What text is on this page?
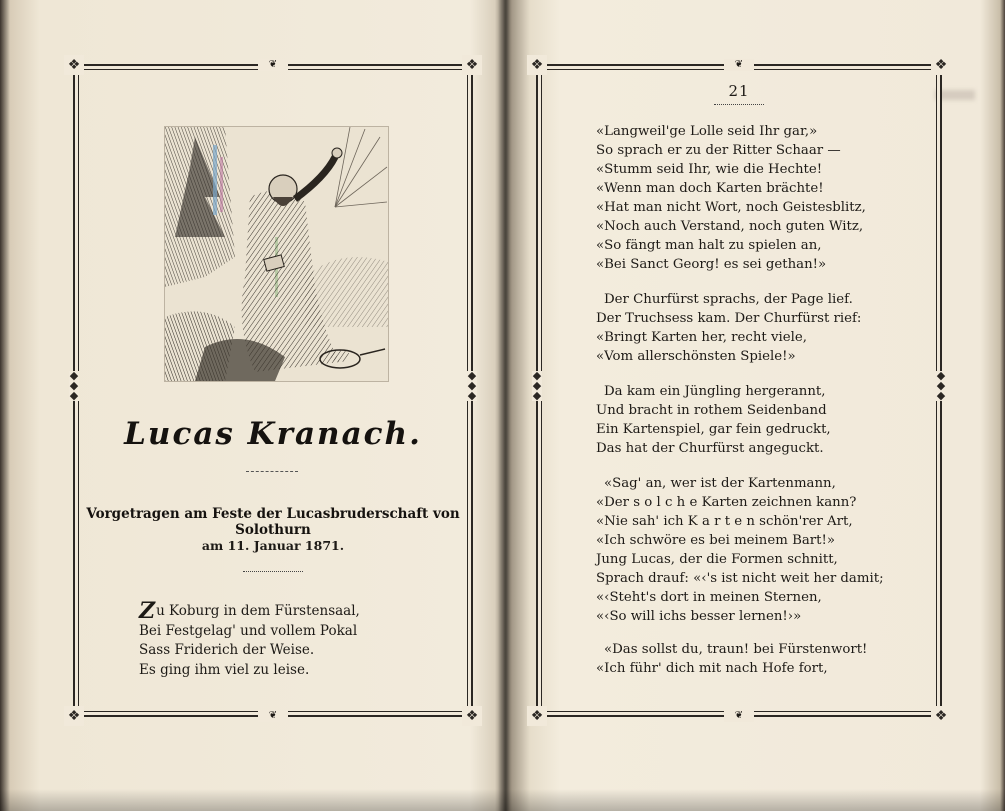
❖	❖
❖	❖
◆
◆
◆
◆
◆
◆
❦
❦
Lucas Kranach.
Vorgetragen am Feste der Lucasbruderschaft von Solothurn
am 11. Januar 1871.
Zu Koburg in dem Fürstensaal,
Bei Festgelag' und vollem Pokal
Sass Friderich der Weise.
Es ging ihm viel zu leise.
❖	❖
❖	❖
◆
◆
◆
◆
◆
◆
❦
❦
21
«Langweil'ge Lolle seid Ihr gar,»
So sprach er zu der Ritter Schaar —
«Stumm seid Ihr, wie die Hechte!
«Wenn man doch Karten brächte!
«Hat man nicht Wort, noch Geistesblitz,
«Noch auch Verstand, noch guten Witz,
«So fängt man halt zu spielen an,
«Bei Sanct Georg! es sei gethan!»
Der Churfürst sprachs, der Page lief.
Der Truchsess kam. Der Churfürst rief:
«Bringt Karten her, recht viele,
«Vom allerschönsten Spiele!»
Da kam ein Jüngling hergerannt,
Und bracht in rothem Seidenband
Ein Kartenspiel, gar fein gedruckt,
Das hat der Churfürst angeguckt.
«Sag' an, wer ist der Kartenmann,
«Der s o l c h e Karten zeichnen kann?
«Nie sah' ich K a r t e n schön'rer Art,
«Ich schwöre es bei meinem Bart!»
Jung Lucas, der die Formen schnitt,
Sprach drauf: «‹'s ist nicht weit her damit;
«‹Steht's dort in meinen Sternen,
«‹So will ichs besser lernen!›»
«Das sollst du, traun! bei Fürstenwort!
«Ich führ' dich mit nach Hofe fort,
